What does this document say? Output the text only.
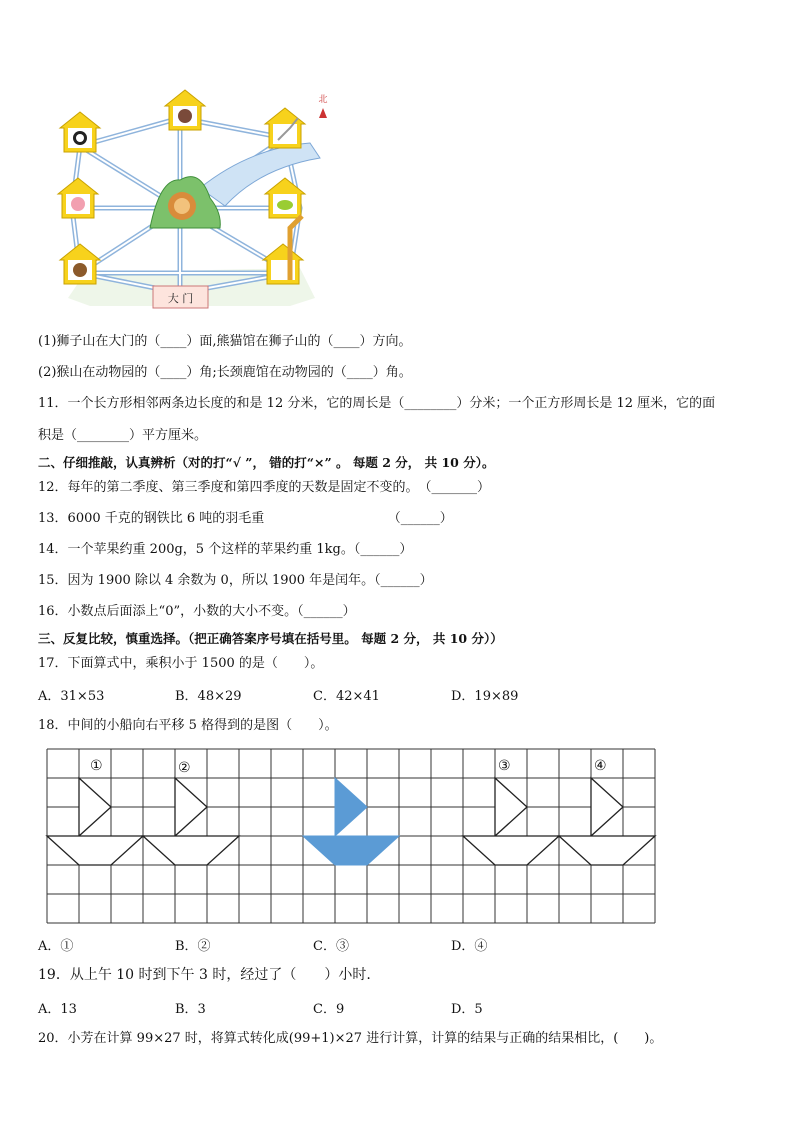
大 门
北
(1)狮子山在大门的（____）面,熊猫馆在狮子山的（____）方向。
(2)猴山在动物园的（____）角;长颈鹿馆在动物园的（____）角。
11．一个长方形相邻两条边长度的和是 12 分米，它的周长是（________）分米；一个正方形周长是 12 厘米，它的面
积是（________）平方厘米。
二、仔细推敲，认真辨析（对的打“√ ”， 错的打“×” 。 每题 2 分， 共 10 分）。
12．每年的第二季度、第三季度和第四季度的天数是固定不变的。　（_______）
13．6000 千克的钢铁比 6 吨的羽毛重　　　　　　　　　　（______）
14．一个苹果约重 200g，5 个这样的苹果约重 1kg。（______）
15．因为 1900 除以 4 余数为 0，所以 1900 年是闰年。（______）
16．小数点后面添上“0”，小数的大小不变。（______）
三、反复比较，慎重选择。（把正确答案序号填在括号里。 每题 2 分， 共 10 分））
17．下面算式中，乘积小于 1500 的是（　　）。
A．31×53	B．48×29	C．42×41	D．19×89
18．中间的小船向右平移 5 格得到的是图（　　）。
①	②	③	④
A．①	B．②	C．③	D．④
19．从上午 10 时到下午 3 时，经过了（　　）小时.
A．13	B．3	C．9	D．5
20．小芳在计算 99×27 时，将算式转化成(99+1)×27 进行计算，计算的结果与正确的结果相比，(　　)。
